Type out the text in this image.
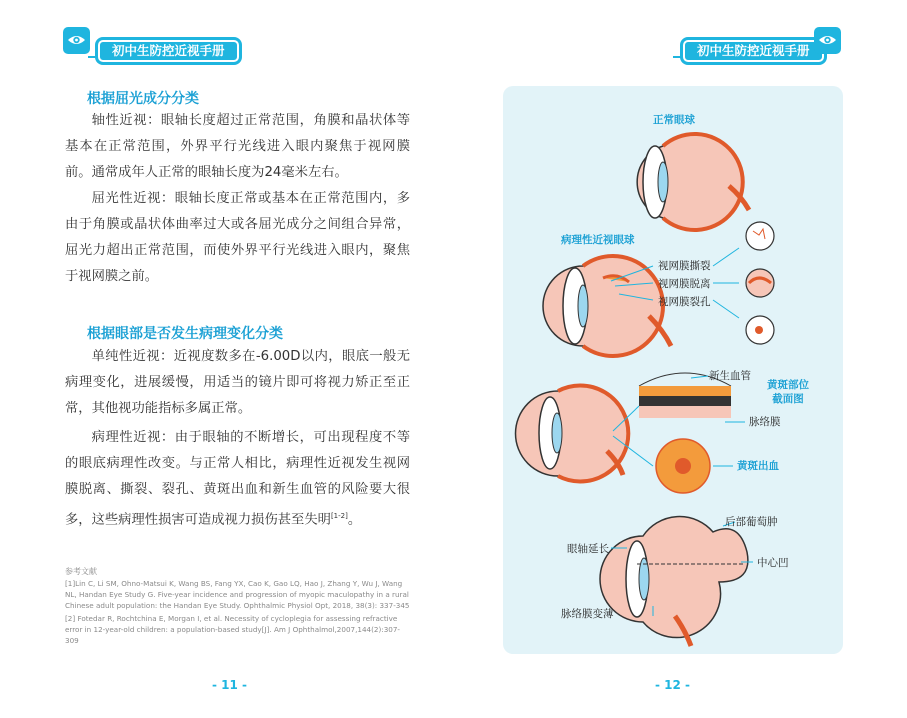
初中生防控近视手册
根据屈光成分分类
轴性近视：眼轴长度超过正常范围，角膜和晶状体等基本在正常范围，外界平行光线进入眼内聚焦于视网膜前。通常成年人正常的眼轴长度为24毫米左右。
屈光性近视：眼轴长度正常或基本在正常范围内，多由于角膜或晶状体曲率过大或各屈光成分之间组合异常，屈光力超出正常范围，而使外界平行光线进入眼内，聚焦于视网膜之前。
根据眼部是否发生病理变化分类
单纯性近视：近视度数多在-6.00D以内，眼底一般无病理变化，进展缓慢，用适当的镜片即可将视力矫正至正常，其他视功能指标多属正常。
病理性近视：由于眼轴的不断增长，可出现程度不等的眼底病理性改变。与正常人相比，病理性近视发生视网膜脱离、撕裂、裂孔、黄斑出血和新生血管的风险要大很多，这些病理性损害可造成视力损伤甚至失明[1-2]。
参考文献

[1]Lin C, Li SM, Ohno-Matsui K, Wang BS, Fang YX, Cao K, Gao LQ, Hao J, Zhang Y, Wu J, Wang NL, Handan Eye Study G. Five-year incidence and progression of myopic maculopathy in a rural Chinese adult population: the Handan Eye Study. Ophthalmic Physiol Opt, 2018, 38(3): 337-345

[2] Fotedar R, Rochtchina E, Morgan I, et al. Necessity of cycloplegia for assessing refractive error in 12-year-old children: a population-based study[J]. Am J Ophthalmol,2007,144(2):307-309

- 11 -
初中生防控近视手册
正常眼球
病理性近视眼球
视网膜撕裂
视网膜脱离
视网膜裂孔
新生血管
黄斑部位截面图
脉络膜
黄斑出血
后部葡萄肿
眼轴延长
中心凹
脉络膜变薄
- 12 -
